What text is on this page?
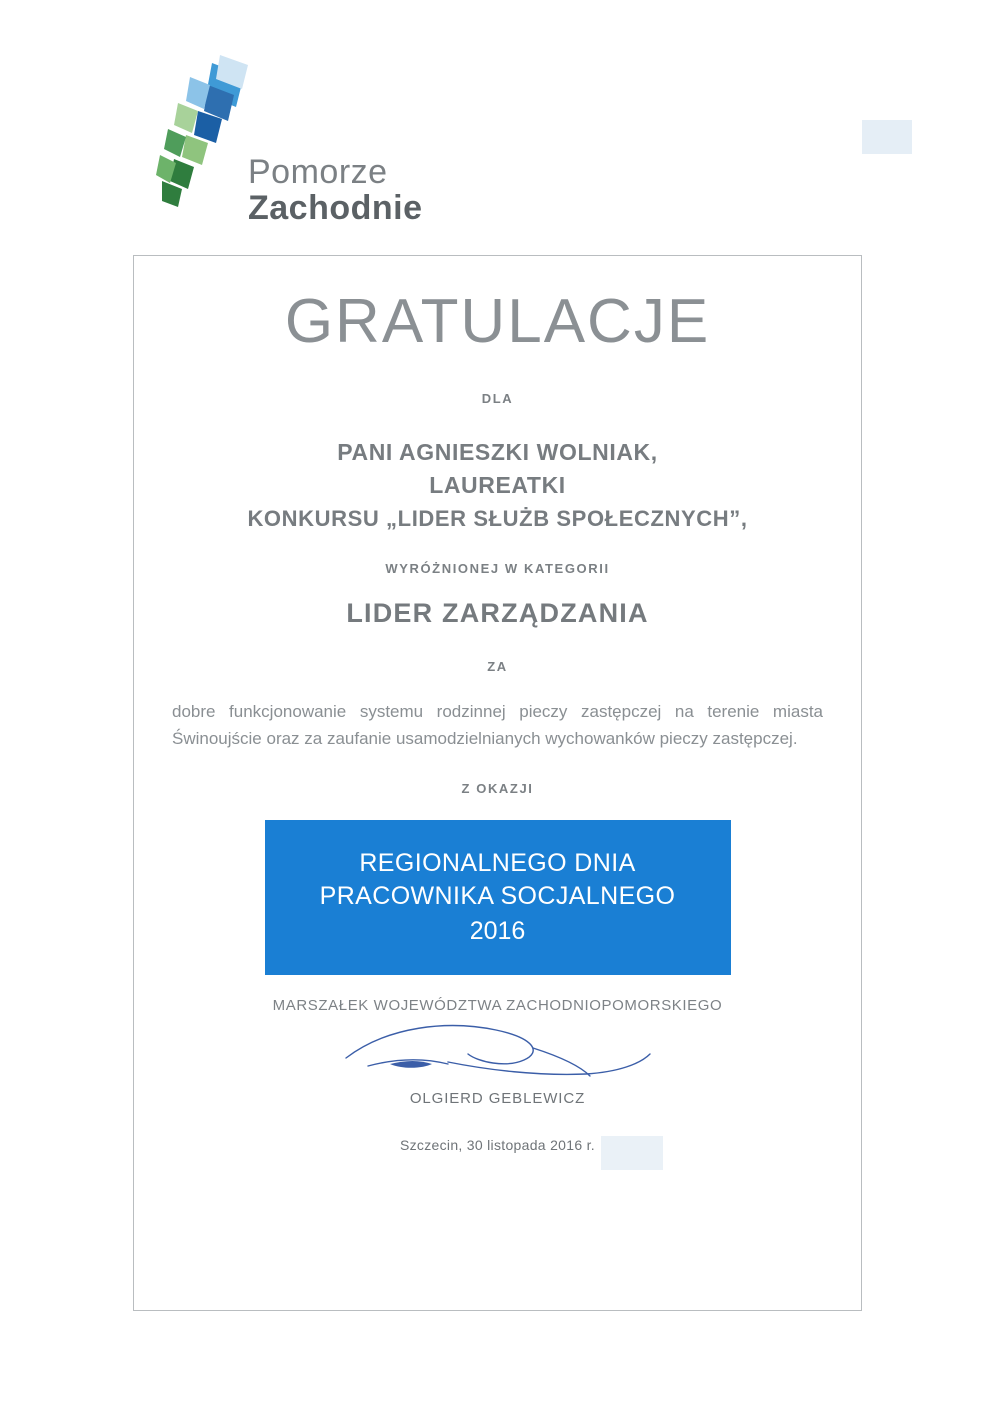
Pomorze
Zachodnie
GRATULACJE
DLA
PANI AGNIESZKI WOLNIAK,
LAUREATKI
KONKURSU „LIDER SŁUŻB SPOŁECZNYCH”,
WYRÓŻNIONEJ W KATEGORII
LIDER ZARZĄDZANIA
ZA
dobre funkcjonowanie systemu rodzinnej pieczy zastępczej na terenie miasta Świnoujście oraz za zaufanie usamodzielnianych wychowanków pieczy zastępczej.
Z OKAZJI
REGIONALNEGO DNIA
PRACOWNIKA SOCJALNEGO
2016
MARSZAŁEK WOJEWÓDZTWA ZACHODNIOPOMORSKIEGO
OLGIERD GEBLEWICZ
Szczecin, 30 listopada 2016 r.
